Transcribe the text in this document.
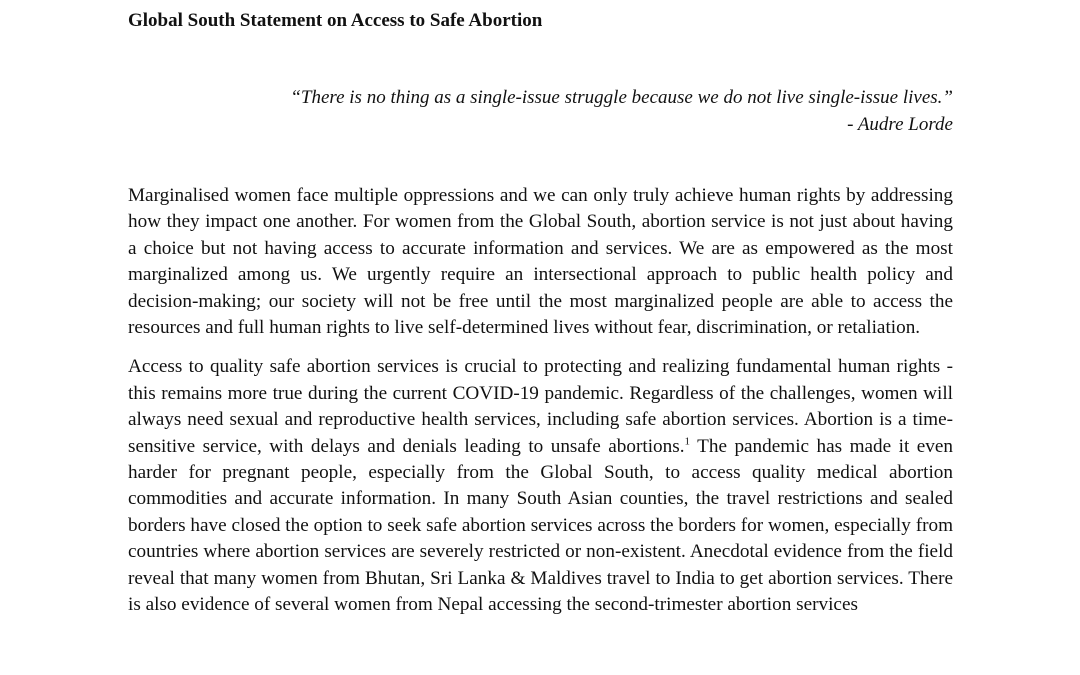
Global South Statement on Access to Safe Abortion
“There is no thing as a single-issue struggle because we do not live single-issue lives.”
- Audre Lorde

Marginalised women face multiple oppressions and we can only truly achieve human rights by addressing how they impact one another. For women from the Global South, abortion service is not just about having a choice but not having access to accurate information and services. We are as empowered as the most marginalized among us. We urgently require an intersectional approach to public health policy and decision-making; our society will not be free until the most marginalized people are able to access the resources and full human rights to live self-determined lives without fear, discrimination, or retaliation.

Access to quality safe abortion services is crucial to protecting and realizing fundamental human rights - this remains more true during the current COVID-19 pandemic. Regardless of the challenges, women will always need sexual and reproductive health services, including safe abortion services. Abortion is a time-sensitive service, with delays and denials leading to unsafe abortions.$^1$ The pandemic has made it even harder for pregnant people, especially from the Global South, to access quality medical abortion commodities and accurate information. In many South Asian counties, the travel restrictions and sealed borders have closed the option to seek safe abortion services across the borders for women, especially from countries where abortion services are severely restricted or non-existent. Anecdotal evidence from the field reveal that many women from Bhutan, Sri Lanka & Maldives travel to India to get abortion services. There is also evidence of several women from Nepal accessing the second-trimester abortion services
